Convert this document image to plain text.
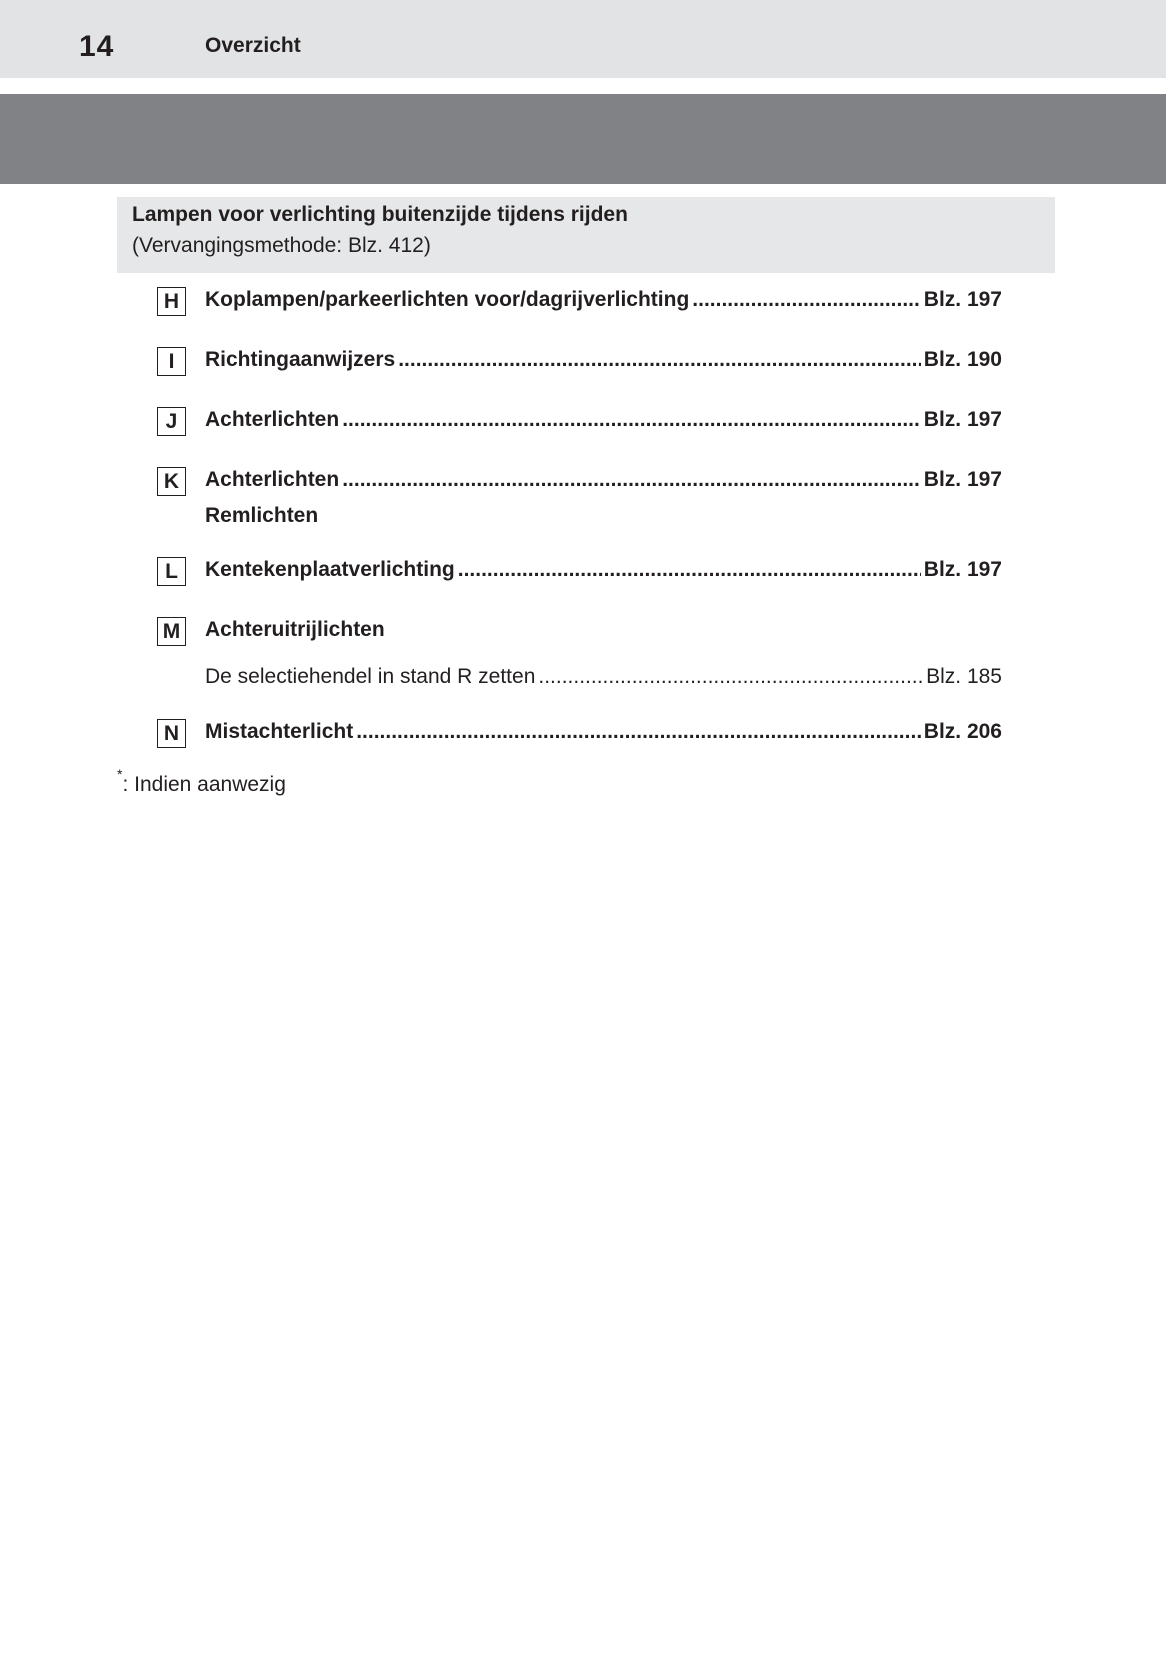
14	Overzicht
Lampen voor verlichting buitenzijde tijdens rijden
(Vervangingsmethode: Blz. 412)
H	Koplampen/parkeerlichten voor/dagrijverlichting .....	Blz. 197
I	Richtingaanwijzers .....	Blz. 190
J	Achterlichten .....	Blz. 197
K	Achterlichten .....	Blz. 197
Remlichten
L	Kentekenplaatverlichting .....	Blz. 197
M Achteruitrijlichten
De selectiehendel in stand R zetten .....	Blz. 185
N	Mistachterlicht .....	Blz. 206
*: Indien aanwezig
